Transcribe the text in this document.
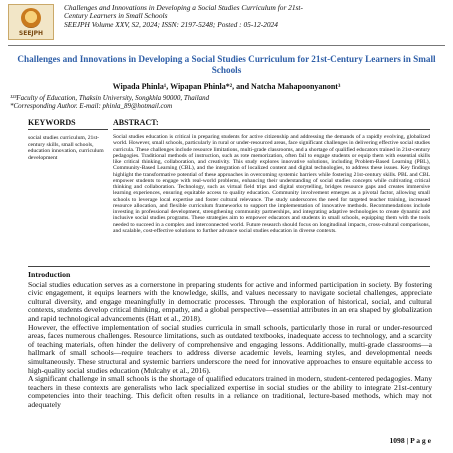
SEEJPH
Challenges and Innovations in Developing a Social Studies Curriculum for 21st-
Century Learners in Small Schools
SEEJPH Volume XXV, S2, 2024; ISSN: 2197-5248; Posted : 05-12-2024
Challenges and Innovations in Developing a Social Studies Curriculum for 21st-Century Learners in Small Schools
Wipada Phinla¹, Wipapan Phinla*², and Natcha Mahapoonyanont³
¹²³Faculty of Education, Thaksin University, Songkhla 90000, Thailand
*Corresponding Author. E-mail: phinla_89@hotmail.com
KEYWORDS
social studies curriculum, 21st-century skills, small schools, education innovation, curriculum development
ABSTRACT:
Social studies education is critical in preparing students for active citizenship and addressing the demands of a rapidly evolving, globalized world. However, small schools, particularly in rural or under-resourced areas, face significant challenges in delivering effective social studies curricula. These challenges include resource limitations, multi-grade classrooms, and a shortage of qualified educators trained in 21st-century pedagogies. Traditional methods of instruction, such as rote memorization, often fail to engage students or equip them with essential skills like critical thinking, collaboration, and creativity. This study explores innovative solutions, including Problem-Based Learning (PBL), Community-Based Learning (CBL), and the integration of localized content and digital technologies, to address these issues. Key findings highlight the transformative potential of these approaches in overcoming systemic barriers while fostering 21st-century skills. PBL and CBL empower students to engage with real-world problems, enhancing their understanding of social studies concepts while cultivating critical thinking and collaboration. Technology, such as virtual field trips and digital storytelling, bridges resource gaps and creates immersive learning experiences, ensuring equitable access to quality education. Community involvement emerges as a pivotal factor, allowing small schools to leverage local expertise and foster cultural relevance. The study underscores the need for targeted teacher training, increased resource allocation, and flexible curriculum frameworks to support the implementation of innovative methods. Recommendations include investing in professional development, strengthening community partnerships, and integrating adaptive technologies to create dynamic and inclusive social studies programs. These strategies aim to empower educators and students in small schools, equipping them with the tools needed to succeed in a complex and interconnected world. Future research should focus on longitudinal impacts, cross-cultural comparisons, and scalable, cost-effective solutions to further advance social studies education in diverse contexts.
Introduction

Social studies education serves as a cornerstone in preparing students for active and informed participation in society. By fostering civic engagement, it equips learners with the knowledge, skills, and values necessary to navigate societal challenges, appreciate cultural diversity, and engage meaningfully in democratic processes. Through the exploration of historical, social, and cultural contexts, students develop critical thinking, empathy, and a global perspective—essential attributes in an era shaped by globalization and rapid technological advancements (Hatt et al., 2018).

However, the effective implementation of social studies curricula in small schools, particularly those in rural or under-resourced areas, faces numerous challenges. Resource limitations, such as outdated textbooks, inadequate access to technology, and a scarcity of teaching materials, often hinder the delivery of comprehensive and engaging lessons. Additionally, multi-grade classrooms—a hallmark of small schools—require teachers to address diverse academic levels, learning styles, and developmental needs simultaneously. These structural and systemic barriers underscore the need for innovative approaches to ensure equitable access to high-quality social studies education (Mulcahy et al., 2016).

A significant challenge in small schools is the shortage of qualified educators trained in modern, student-centered pedagogies. Many teachers in these contexts are generalists who lack specialized expertise in social studies or the ability to integrate 21st-century competencies into their teaching. This deficit often results in a reliance on traditional, lecture-based methods, which may not adequately

1098 | P a g e
